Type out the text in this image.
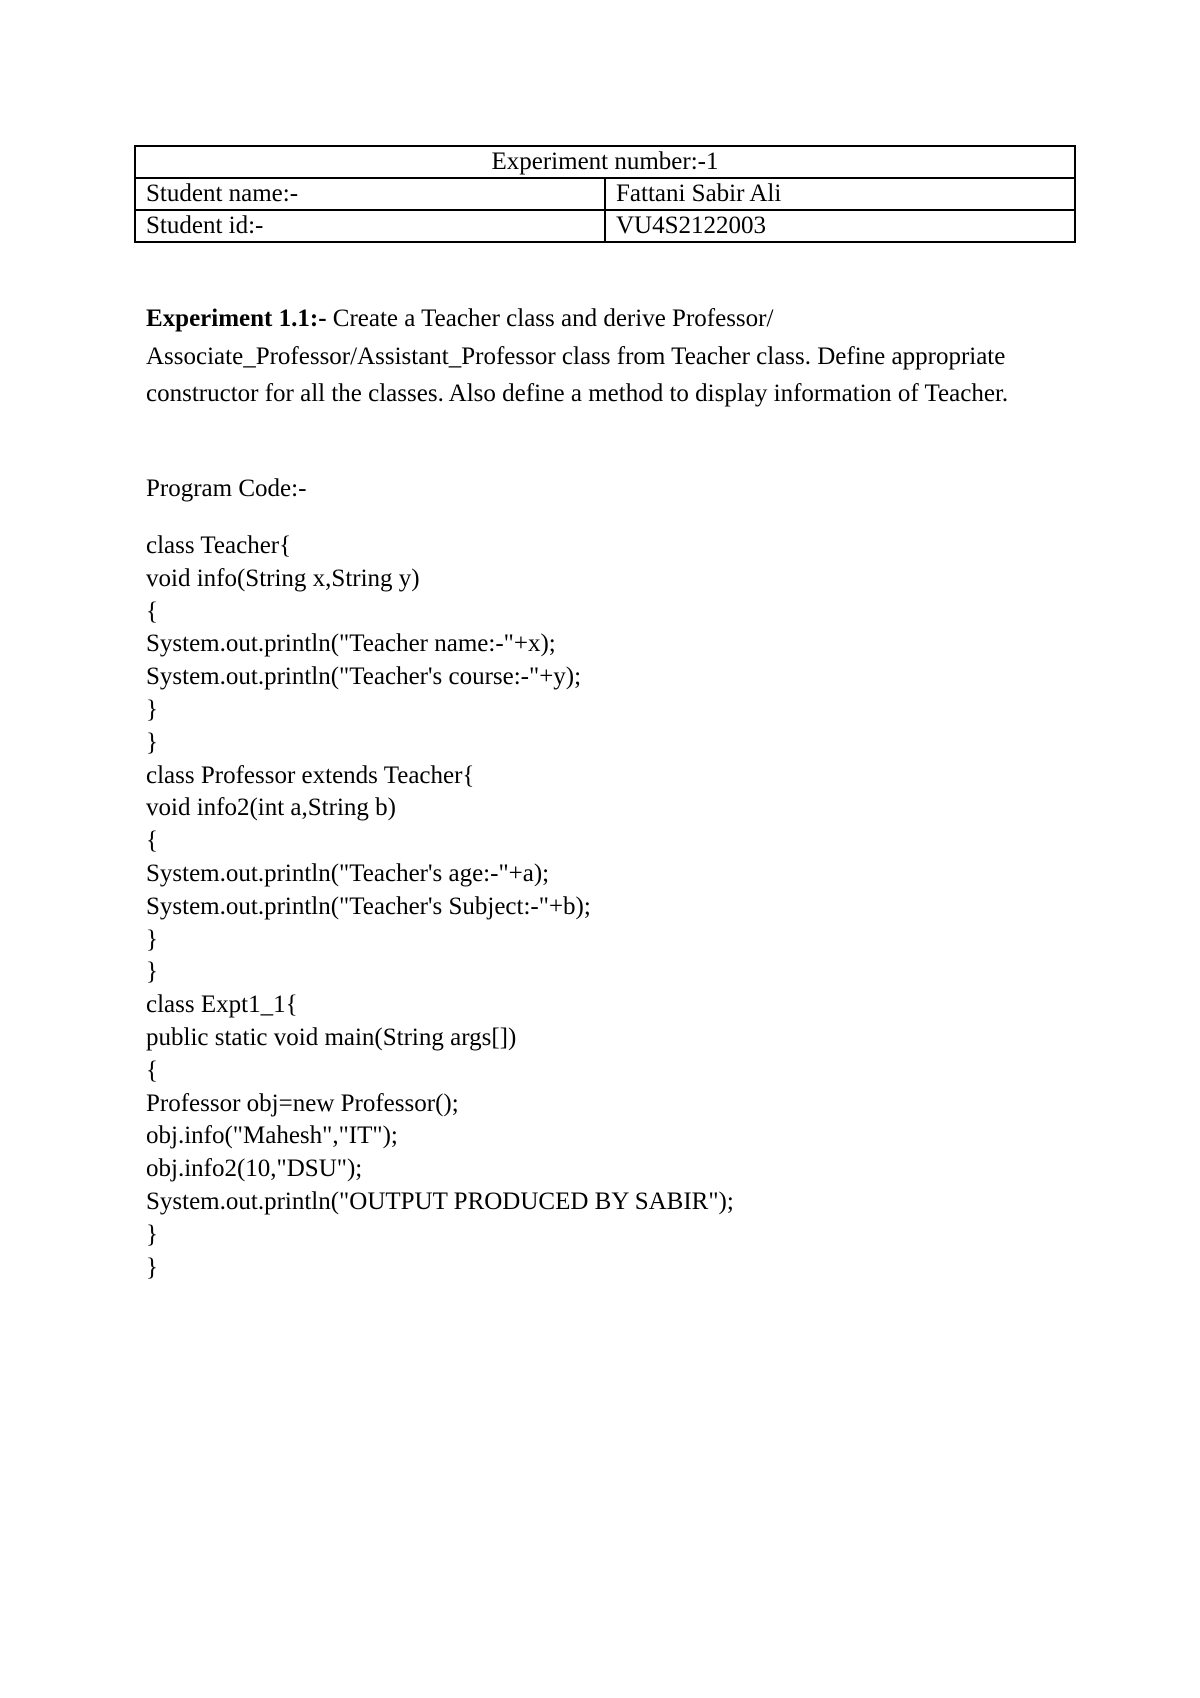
Experiment number:-1	
Student name:-	Fattani Sabir Ali
Student id:-	VU4S2122003
Experiment 1.1:- Create a Teacher class and derive Professor/ Associate_Professor/Assistant_Professor class from Teacher class. Define appropriate constructor for all the classes. Also define a method to display information of Teacher.
Program Code:-
class Teacher{
void info(String x,String y)
{
System.out.println("Teacher name:-"+x);
System.out.println("Teacher's course:-"+y);
}
}
class Professor extends Teacher{
void info2(int a,String b)
{
System.out.println("Teacher's age:-"+a);
System.out.println("Teacher's Subject:-"+b);
}
}
class Expt1_1{
public static void main(String args[])
{
Professor obj=new Professor();
obj.info("Mahesh","IT");
obj.info2(10,"DSU");
System.out.println("OUTPUT PRODUCED BY SABIR");
}
}
